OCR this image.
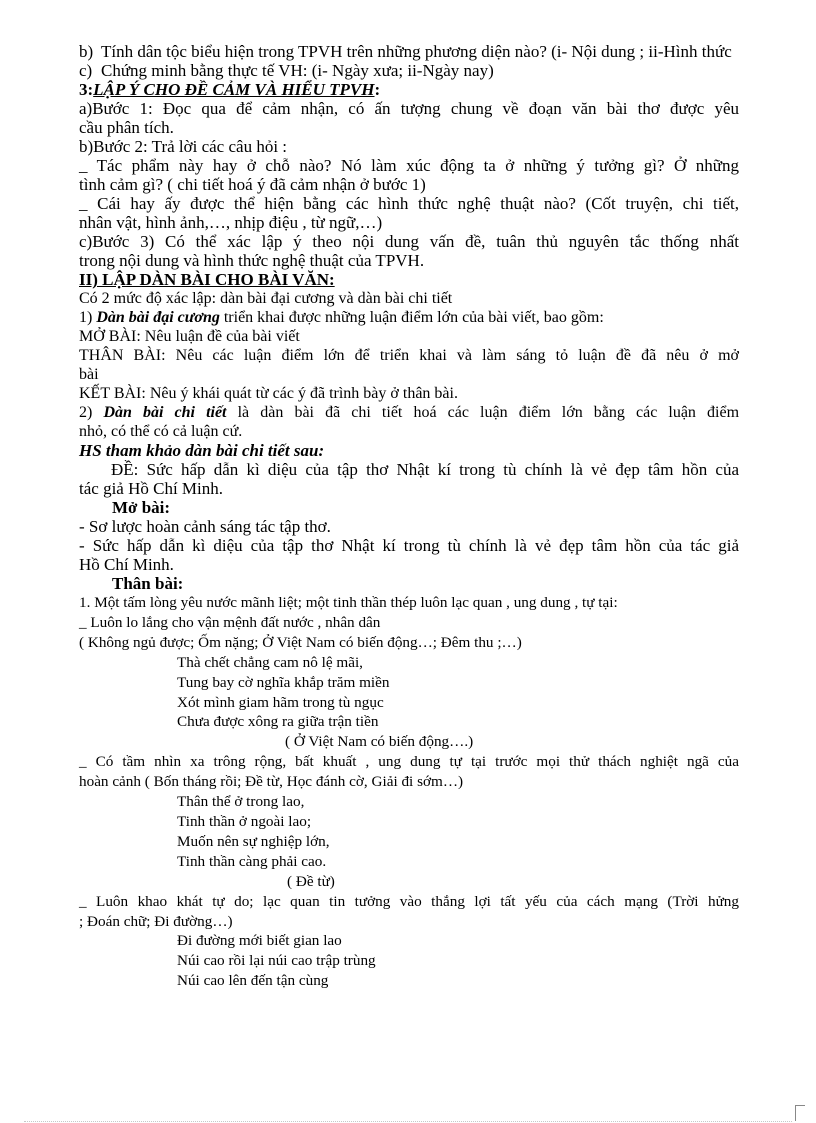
b) Tính dân tộc biểu hiện trong TPVH trên những phương diện nào? (i- Nội dung ; ii-Hình thức
c) Chứng minh bằng thực tế VH: (i- Ngày xưa; ii-Ngày nay)
3:LẬP Ý CHO ĐỀ CẢM VÀ HIỂU TPVH:
a)Bước 1: Đọc qua để cảm nhận, có ấn tượng chung về đoạn văn bài thơ được yêu
cầu phân tích.
b)Bước 2: Trả lời các câu hỏi :
_ Tác phẩm này hay ở chỗ nào? Nó làm xúc động ta ở những ý tưởng gì? Ở những
tình cảm gì? ( chi tiết hoá ý đã cảm nhận ở bước 1)
_ Cái hay ấy được thể hiện bằng các hình thức nghệ thuật nào? (Cốt truyện, chi tiết,
nhân vật, hình ảnh,…, nhịp điệu , từ ngữ,…)
c)Bước 3) Có thể xác lập ý theo nội dung vấn đề, tuân thủ nguyên tắc thống nhất
trong nội dung và hình thức nghệ thuật của TPVH.
II) LẬP DÀN BÀI CHO BÀI VĂN:
Có 2 mức độ xác lập: dàn bài đại cương và dàn bài chi tiết
1) Dàn bài đại cương triển khai được những luận điểm lớn của bài viết, bao gồm:
MỞ BÀI: Nêu luận đề của bài viết
THÂN BÀI: Nêu các luận điểm lớn để triển khai và làm sáng tỏ luận đề đã nêu ở mở
bài
KẾT BÀI: Nêu ý khái quát từ các ý đã trình bày ở thân bài.
2) Dàn bài chi tiết là dàn bài đã chi tiết hoá các luận điểm lớn bằng các luận điểm
nhỏ, có thể có cả luận cứ.
HS tham khảo dàn bài chi tiết sau:
ĐỀ: Sức hấp dẫn kì diệu của tập thơ Nhật kí trong tù chính là vẻ đẹp tâm hồn của
tác giả Hồ Chí Minh.
Mở bài:
- Sơ lược hoàn cảnh sáng tác tập thơ.
- Sức hấp dẫn kì diệu của tập thơ Nhật kí trong tù chính là vẻ đẹp tâm hồn của tác giả
Hồ Chí Minh.
Thân bài:
1. Một tấm lòng yêu nước mãnh liệt; một tinh thần thép luôn lạc quan , ung dung , tự tại:
_ Luôn lo lắng cho vận mệnh đất nước , nhân dân
( Không ngủ được; Ốm nặng; Ở Việt Nam có biến động…; Đêm thu ;…)
Thà chết chẳng cam nô lệ mãi,
Tung bay cờ nghĩa khắp trăm miền
Xót mình giam hãm trong tù ngục
Chưa được xông ra giữa trận tiền
( Ở Việt Nam có biến động….)
_ Có tầm nhìn xa trông rộng, bất khuất , ung dung tự tại trước mọi thử thách nghiệt ngã của
hoàn cảnh ( Bốn tháng rồi; Đề từ, Học đánh cờ, Giải đi sớm…)
Thân thể ở trong lao,
Tinh thần ở ngoài lao;
Muốn nên sự nghiệp lớn,
Tinh thần càng phải cao.
( Đề từ)
_ Luôn khao khát tự do; lạc quan tin tưởng vào thắng lợi tất yếu của cách mạng (Trời hửng
; Đoán chữ; Đi đường…)
Đi đường mới biết gian lao
Núi cao rồi lại núi cao trập trùng
Núi cao lên đến tận cùng
